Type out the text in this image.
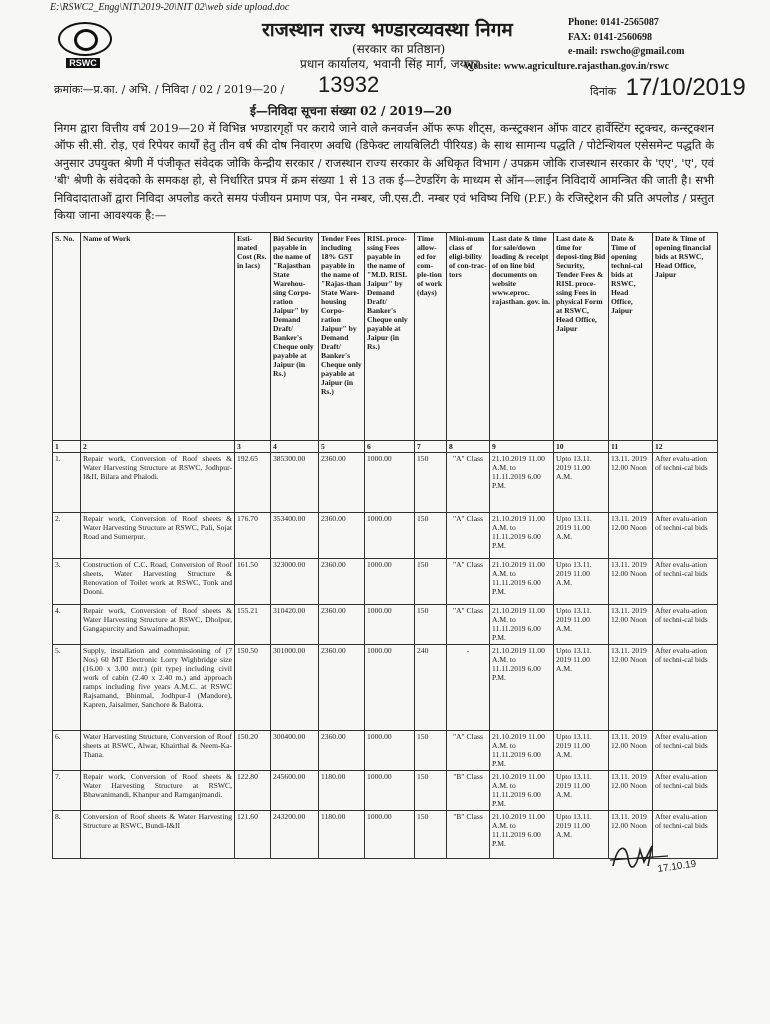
E:\RSWC2_Engg\NIT\2019-20\NIT 02\web side upload.doc
RSWC
राजस्थान राज्य भण्डारव्यवस्था निगम
(सरकार का प्रतिष्ठान)
प्रधान कार्यालय, भवानी सिंह मार्ग, जयपुर
Phone: 0141-2565087
FAX: 0141-2560698
e-mail: rswcho@gmail.com
Website: www.agriculture.rajasthan.gov.in/rswc
क्रमांकः—प्र.का. / अभि. / निविदा / 02 / 2019—20 / 13932	दिनांक 17/10/2019
ई—निविदा सूचना संख्या 02 / 2019—20
निगम द्वारा वित्तीय वर्ष 2019—20 में विभिन्न भण्डारगृहों पर कराये जाने वाले कनवर्जन ऑफ रूफ शीट्स, कन्स्ट्रक्शन ऑफ वाटर हार्वेस्टिंग स्ट्रक्चर, कन्स्ट्रक्शन ऑफ सी.सी. रोड़, एवं रिपेयर कार्यों हेतु तीन वर्ष की दोष निवारण अवधि (डिफेक्ट लायबिलिटी पीरियड) के साथ सामान्य पद्धति / पोटेन्शियल एसेसमेन्ट पद्धति के अनुसार उपयुक्त श्रेणी में पंजीकृत संवेदक जोकि केन्द्रीय सरकार / राजस्थान राज्य सरकार के अधिकृत विभाग / उपक्रम जोकि राजस्थान सरकार के 'एए', 'ए', एवं 'बी' श्रेणी के संवेदको के समकक्ष हो, से निर्धारित प्रपत्र में क्रम संख्या 1 से 13 तक ई—टेण्डरिंग के माध्यम से ऑन—लाईन निविदायें आमन्त्रित की जाती है। सभी निविदादाताओं द्वारा निविदा अपलोड करते समय पंजीयन प्रमाण पत्र, पेन नम्बर, जी.एस.टी. नम्बर एवं भविष्य निधि (P.F.) के रजिस्ट्रेशन की प्रति अपलोड / प्रस्तुत किया जाना आवश्यक है:—
S. No.	Name of Work	Esti-mated Cost (Rs. in lacs)	Bid Security payable in the name of "Rajasthan State Warehou-sing Corpo-ration Jaipur" by Demand Draft/ Banker's Cheque only payable at Jaipur (in Rs.)	Tender Fees including 18% GST payable in the name of "Rajas-than State Ware-housing Corpo-ration Jaipur" by Demand Draft/ Banker's Cheque only payable at Jaipur (in Rs.)	RISL proce-ssing Fees payable in the name of "M.D. RISL Jaipur" by Demand Draft/ Banker's Cheque only payable at Jaipur (in Rs.)	Time allow-ed for com-ple-tion of work (days)	Mini-mum class of eligi-bility of con-trac-tors	Last date & time for sale/down loading & receipt of on line bid documents on website www.eproc. rajasthan. gov. in.	Last date & time for deposi-ting Bid Security, Tender Fees & RISL proce-ssing Fees in physical Form at RSWC, Head Office, Jaipur	Date & Time of opening techni-cal bids at RSWC, Head Office, Jaipur	Date & Time of opening financial bids at RSWC, Head Office, Jaipur
1	2	3	4	5	6	7	8	9	10	11	12
1.	Repair work, Conversion of Roof sheets & Water Harvesting Structure at RSWC, Jodhpur-I&II, Bilara and Phalodi.	192.65	385300.00	2360.00	1000.00	150	"A" Class	21.10.2019 11.00 A.M. to 11.11.2019 6.00 P.M.	Upto 13.11. 2019 11.00 A.M.	13.11. 2019 12.00 Noon	After evalu-ation of techni-cal bids
2.	Repair work, Conversion of Roof sheets & Water Harvesting Structure at RSWC, Pali, Sojat Road and Sumerpur.	176.70	353400.00	2360.00	1000.00	150	"A" Class	21.10.2019 11.00 A.M. to 11.11.2019 6.00 P.M.	Upto 13.11. 2019 11.00 A.M.	13.11. 2019 12.00 Noon	After evalu-ation of techni-cal bids
3.	Construction of C.C. Road, Conversion of Roof sheets, Water Harvesting Structure & Renovation of Toilet work at RSWC, Tonk and Dooni.	161.50	323000.00	2360.00	1000.00	150	"A" Class	21.10.2019 11.00 A.M. to 11.11.2019 6.00 P.M.	Upto 13.11. 2019 11.00 A.M.	13.11. 2019 12.00 Noon	After evalu-ation of techni-cal bids
4.	Repair work, Conversion of Roof sheets & Water Harvesting Structure at RSWC, Dholpur, Gangapurcity and Sawaimadhopur.	155.21	310420.00	2360.00	1000.00	150	"A" Class	21.10.2019 11.00 A.M. to 11.11.2019 6.00 P.M.	Upto 13.11. 2019 11.00 A.M.	13.11. 2019 12.00 Noon	After evalu-ation of techni-cal bids
5.	Supply, installation and commissioning of (7 Nos) 60 MT Electronic Lorry Wighbridge size (16.00 x 3.00 mtr.) (pit type) including civil work of cabin (2.40 x 2.40 m.) and approach ramps including five years A.M.C. at RSWC Rajsamand, Bhinmal, Jodhpur-I (Mandore), Kapren, Jaisalmer, Sanchore & Balotra.	150.50	301000.00	2360.00	1000.00	240	-	21.10.2019 11.00 A.M. to 11.11.2019 6.00 P.M.	Upto 13.11. 2019 11.00 A.M.	13.11. 2019 12.00 Noon	After evalu-ation of techni-cal bids
6.	Water Harvesting Structure, Conversion of Roof sheets at RSWC, Alwar, Khairthal & Neem-Ka-Thana.	150.20	300400.00	2360.00	1000.00	150	"A" Class	21.10.2019 11.00 A.M. to 11.11.2019 6.00 P.M.	Upto 13.11. 2019 11.00 A.M.	13.11. 2019 12.00 Noon	After evalu-ation of techni-cal bids
7.	Repair work, Conversion of Roof sheets & Water Harvesting Structure at RSWC, Bhawanimandi, Khanpur and Ramganjmandi.	122.80	245600.00	1180.00	1000.00	150	"B" Class	21.10.2019 11.00 A.M. to 11.11.2019 6.00 P.M.	Upto 13.11. 2019 11.00 A.M.	13.11. 2019 12.00 Noon	After evalu-ation of techni-cal bids
8.	Conversion of Roof sheets & Water Harvesting Structure at RSWC, Bundi-I&II	121.60	243200.00	1180.00	1000.00	150	"B" Class	21.10.2019 11.00 A.M. to 11.11.2019 6.00 P.M.	Upto 13.11. 2019 11.00 A.M.	13.11. 2019 12.00 Noon	After evalu-ation of techni-cal bids
17.10.19
